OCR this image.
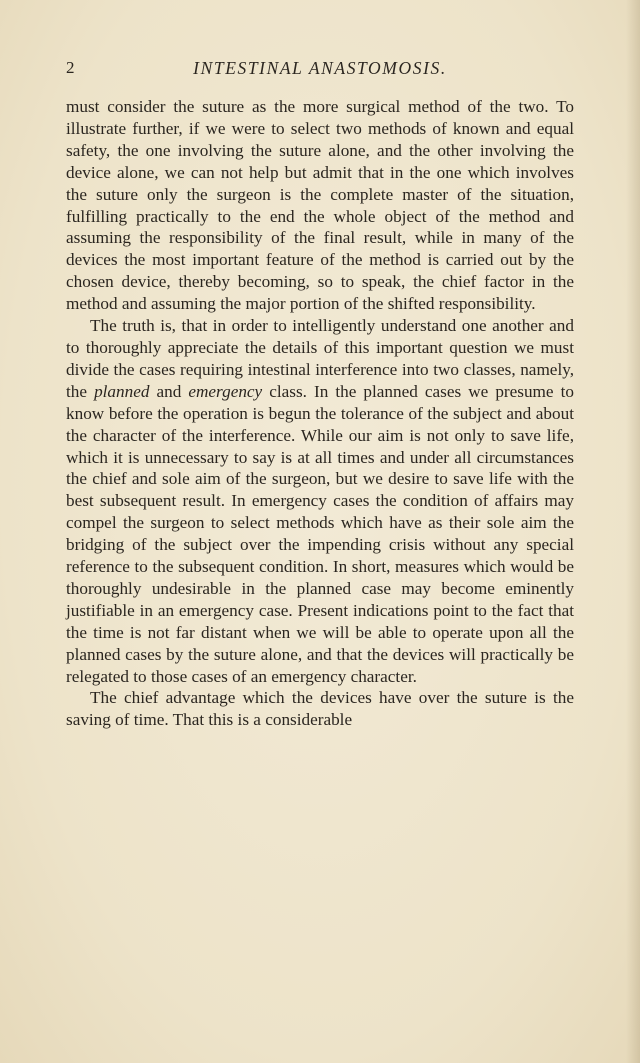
2	INTESTINAL ANASTOMOSIS.

must consider the suture as the more surgical method of the two. To illustrate further, if we were to select two methods of known and equal safety, the one involving the suture alone, and the other involving the device alone, we can not help but admit that in the one which involves the suture only the surgeon is the complete master of the situation, fulfilling practically to the end the whole object of the method and assuming the responsibility of the final result, while in many of the devices the most important feature of the method is carried out by the chosen device, thereby becoming, so to speak, the chief factor in the method and assuming the major portion of the shifted responsibility.

The truth is, that in order to intelligently understand one another and to thoroughly appreciate the details of this important question we must divide the cases requiring intestinal interference into two classes, namely, the planned and emergency class. In the planned cases we presume to know before the operation is begun the tolerance of the subject and about the character of the interference. While our aim is not only to save life, which it is unnecessary to say is at all times and under all circumstances the chief and sole aim of the surgeon, but we desire to save life with the best subsequent result. In emergency cases the condition of affairs may compel the surgeon to select methods which have as their sole aim the bridging of the subject over the impending crisis without any special reference to the subsequent condition. In short, measures which would be thoroughly undesirable in the planned case may become eminently justifiable in an emergency case. Present indications point to the fact that the time is not far distant when we will be able to operate upon all the planned cases by the suture alone, and that the devices will practically be relegated to those cases of an emergency character.

The chief advantage which the devices have over the suture is the saving of time. That this is a considerable
